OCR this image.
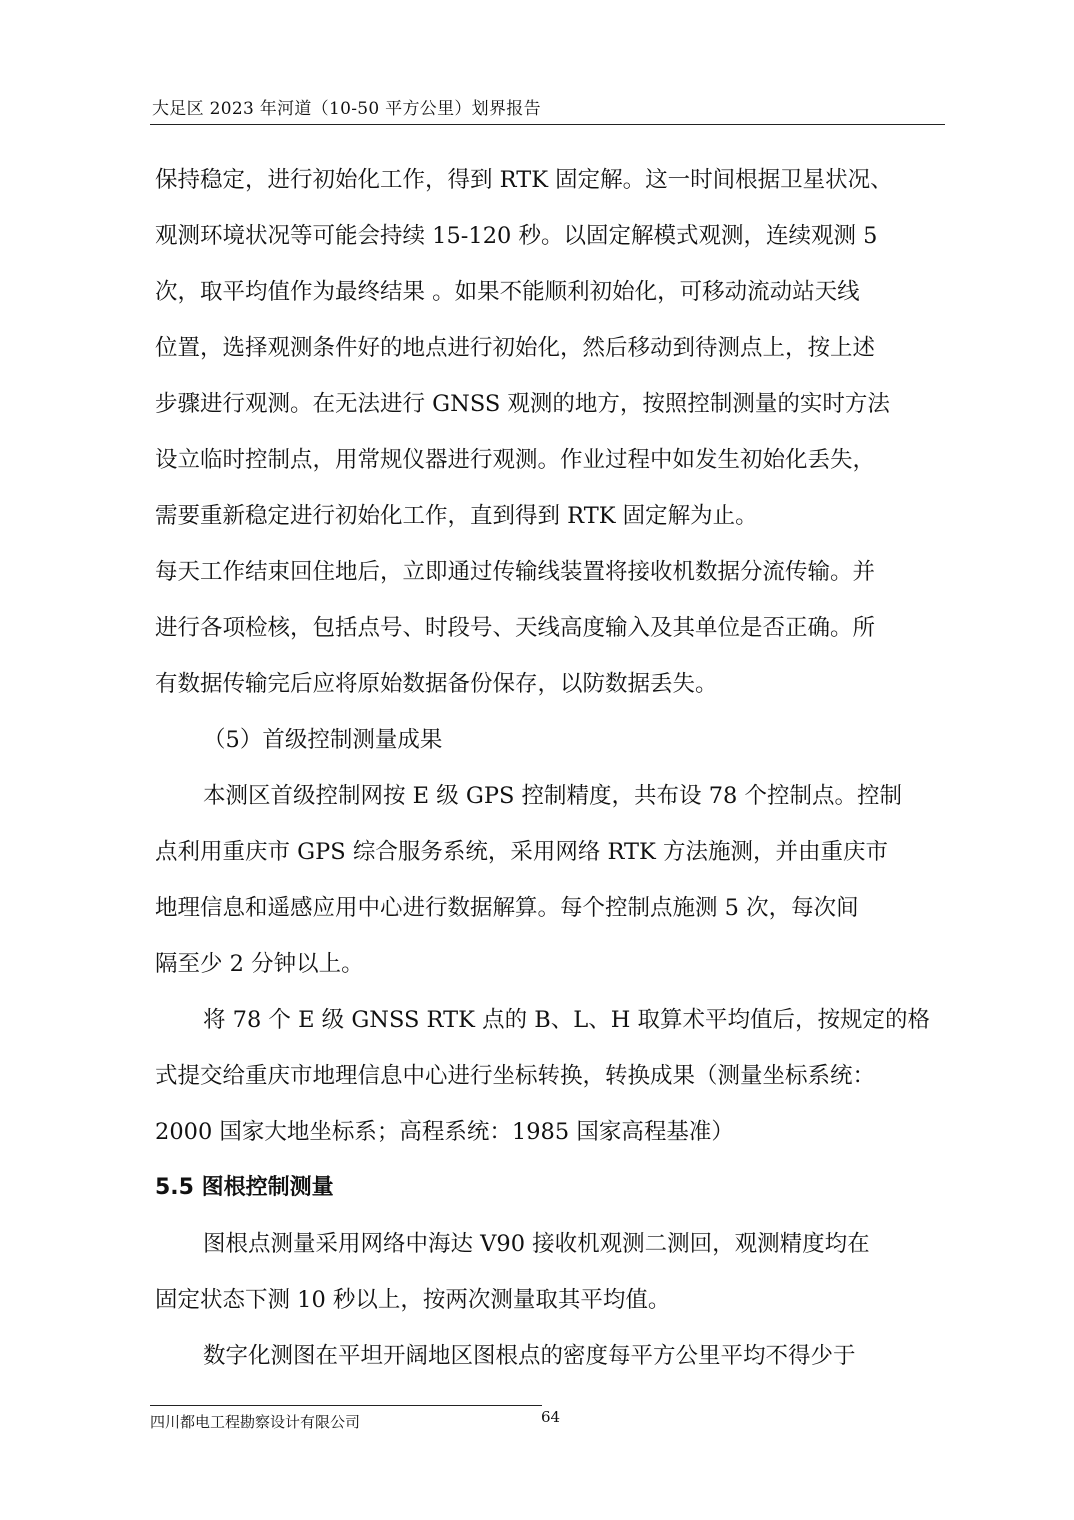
大足区 2023 年河道（10-50 平方公里）划界报告
保持稳定，进行初始化工作，得到 RTK 固定解。这一时间根据卫星状况、
观测环境状况等可能会持续 15-120 秒。以固定解模式观测，连续观测 5
次，取平均值作为最终结果 。如果不能顺利初始化，可移动流动站天线
位置，选择观测条件好的地点进行初始化，然后移动到待测点上，按上述
步骤进行观测。在无法进行 GNSS 观测的地方，按照控制测量的实时方法
设立临时控制点，用常规仪器进行观测。作业过程中如发生初始化丢失，
需要重新稳定进行初始化工作，直到得到 RTK 固定解为止。
每天工作结束回住地后，立即通过传输线装置将接收机数据分流传输。并
进行各项检核，包括点号、时段号、天线高度输入及其单位是否正确。所
有数据传输完后应将原始数据备份保存，以防数据丢失。
（5）首级控制测量成果
本测区首级控制网按 E 级 GPS 控制精度，共布设 78 个控制点。控制
点利用重庆市 GPS 综合服务系统，采用网络 RTK 方法施测，并由重庆市
地理信息和遥感应用中心进行数据解算。每个控制点施测 5 次，每次间
隔至少 2 分钟以上。
将 78 个 E 级 GNSS RTK 点的 B、L、H 取算术平均值后，按规定的格
式提交给重庆市地理信息中心进行坐标转换，转换成果（测量坐标系统：
2000 国家大地坐标系；高程系统：1985 国家高程基准）
5.5 图根控制测量
图根点测量采用网络中海达 V90 接收机观测二测回，观测精度均在
固定状态下测 10 秒以上，按两次测量取其平均值。
数字化测图在平坦开阔地区图根点的密度每平方公里平均不得少于
四川都电工程勘察设计有限公司	64
